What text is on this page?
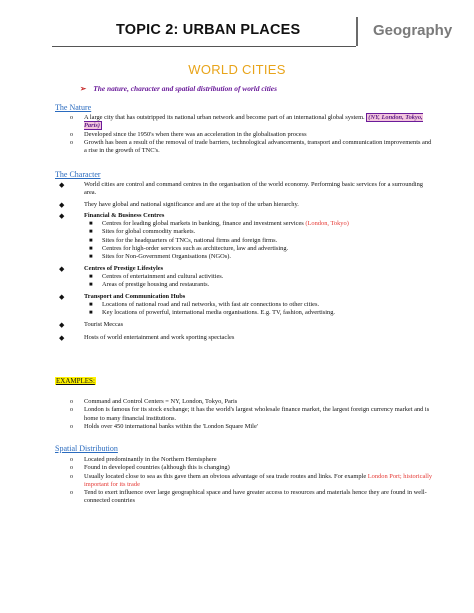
TOPIC 2: URBAN PLACES	Geography
WORLD CITIES
➢ The nature, character and spatial distribution of world cities
The Nature
o A large city that has outstripped its national urban network and become part of an international global system. (NY, London, Tokyo, Paris)
o Developed since the 1950's when there was an acceleration in the globalisation process
o Growth has been a result of the removal of trade barriers, technological advancements, transport and communication improvements and a rise in the growth of TNC's.
The Character
◆	World cities are control and command centres in the organisation of the world economy. Performing basic services for a surrounding area.
◆	They have global and national significance and are at the top of the urban hierarchy.
◆	Financial & Business Centres
■ Centres for leading global markets in banking, finance and investment services (London, Tokyo)
■ Sites for global commodity markets.
■ Sites for the headquarters of TNCs, national firms and foreign firms.
■ Centres for high-order services such as architecture, law and advertising.
■ Sites for Non-Government Organisations (NGOs).
◆	Centres of Prestige Lifestyles
■ Centres of entertainment and cultural activities.
■ Areas of prestige housing and restaurants.
◆	Transport and Communication Hubs
■ Locations of national road and rail networks, with fast air connections to other cities.
■ Key locations of powerful, international media organisations. E.g. TV, fashion, advertising.
◆	Tourist Meccas
◆	Hosts of world entertainment and work sporting spectacles
EXAMPLES:
o Command and Control Centers = NY, London, Tokyo, Paris
o London is famous for its stock exchange; it has the world's largest wholesale finance market, the largest foreign currency market and is home to many financial institutions.
o Holds over 450 international banks within the 'London Square Mile'
Spatial Distribution
o Located predominantly in the Northern Hemisphere
o Found in developed countries (although this is changing)
o Usually located close to sea as this gave them an obvious advantage of sea trade routes and links. For example London Port; historically important for its trade
o Tend to exert influence over large geographical space and have greater access to resources and materials hence they are found in well-connected countries
